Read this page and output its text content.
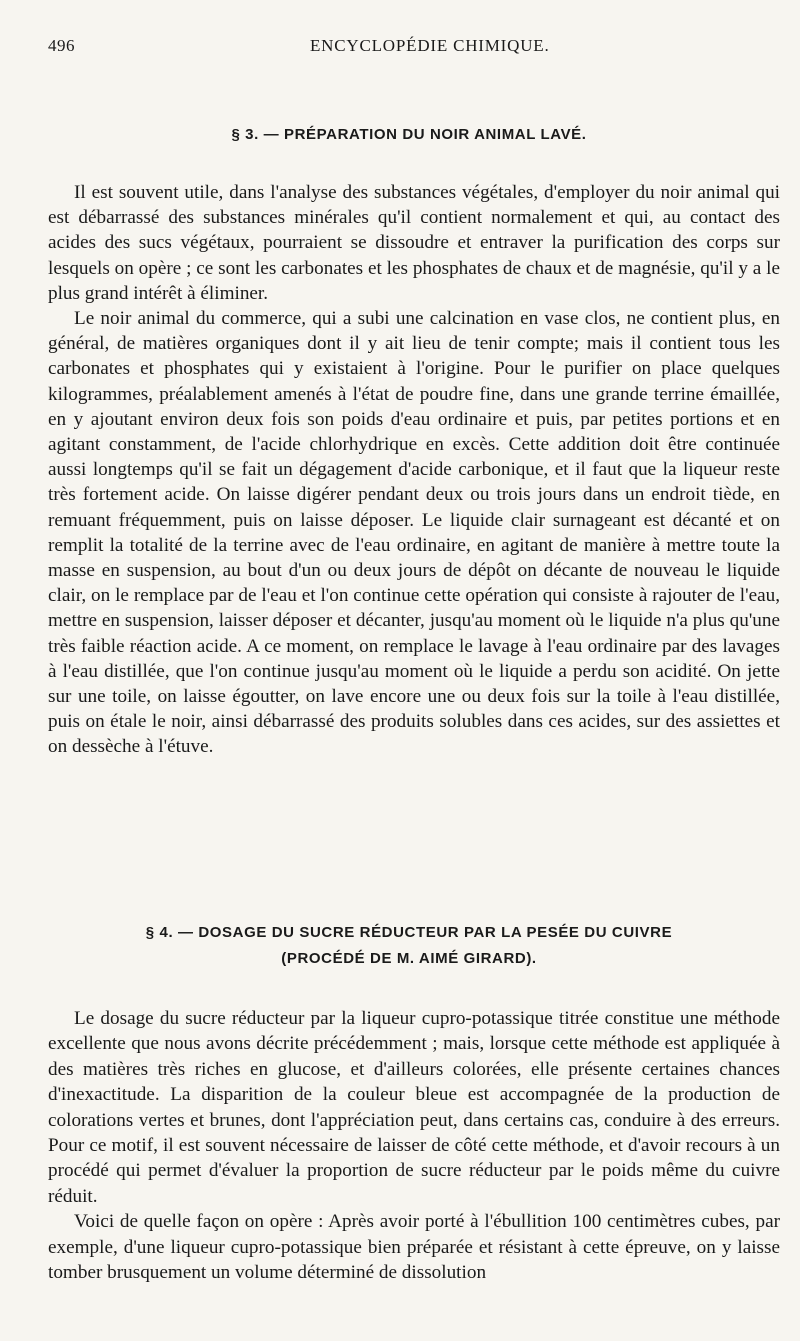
496	ENCYCLOPÉDIE CHIMIQUE.
§ 3. — PRÉPARATION DU NOIR ANIMAL LAVÉ.

Il est souvent utile, dans l'analyse des substances végétales, d'employer du noir animal qui est débarrassé des substances minérales qu'il contient normalement et qui, au contact des acides des sucs végétaux, pourraient se dissoudre et entraver la purification des corps sur lesquels on opère ; ce sont les carbonates et les phosphates de chaux et de magnésie, qu'il y a le plus grand intérêt à éliminer.

Le noir animal du commerce, qui a subi une calcination en vase clos, ne contient plus, en général, de matières organiques dont il y ait lieu de tenir compte; mais il contient tous les carbonates et phosphates qui y existaient à l'origine. Pour le purifier on place quelques kilogrammes, préalablement amenés à l'état de poudre fine, dans une grande terrine émaillée, en y ajoutant environ deux fois son poids d'eau ordinaire et puis, par petites portions et en agitant constamment, de l'acide chlorhydrique en excès. Cette addition doit être continuée aussi longtemps qu'il se fait un dégagement d'acide carbonique, et il faut que la liqueur reste très fortement acide. On laisse digérer pendant deux ou trois jours dans un endroit tiède, en remuant fréquemment, puis on laisse déposer. Le liquide clair surnageant est décanté et on remplit la totalité de la terrine avec de l'eau ordinaire, en agitant de manière à mettre toute la masse en suspension, au bout d'un ou deux jours de dépôt on décante de nouveau le liquide clair, on le remplace par de l'eau et l'on continue cette opération qui consiste à rajouter de l'eau, mettre en suspension, laisser déposer et décanter, jusqu'au moment où le liquide n'a plus qu'une très faible réaction acide. A ce moment, on remplace le lavage à l'eau ordinaire par des lavages à l'eau distillée, que l'on continue jusqu'au moment où le liquide a perdu son acidité. On jette sur une toile, on laisse égoutter, on lave encore une ou deux fois sur la toile à l'eau distillée, puis on étale le noir, ainsi débarrassé des produits solubles dans ces acides, sur des assiettes et on dessèche à l'étuve.

§ 4. — DOSAGE DU SUCRE RÉDUCTEUR PAR LA PESÉE DU CUIVRE
(PROCÉDÉ DE M. AIMÉ GIRARD).

Le dosage du sucre réducteur par la liqueur cupro-potassique titrée constitue une méthode excellente que nous avons décrite précédemment ; mais, lorsque cette méthode est appliquée à des matières très riches en glucose, et d'ailleurs colorées, elle présente certaines chances d'inexactitude. La disparition de la couleur bleue est accompagnée de la production de colorations vertes et brunes, dont l'appréciation peut, dans certains cas, conduire à des erreurs. Pour ce motif, il est souvent nécessaire de laisser de côté cette méthode, et d'avoir recours à un procédé qui permet d'évaluer la proportion de sucre réducteur par le poids même du cuivre réduit.

Voici de quelle façon on opère : Après avoir porté à l'ébullition 100 centimètres cubes, par exemple, d'une liqueur cupro-potassique bien préparée et résistant à cette épreuve, on y laisse tomber brusquement un volume déterminé de dissolution
